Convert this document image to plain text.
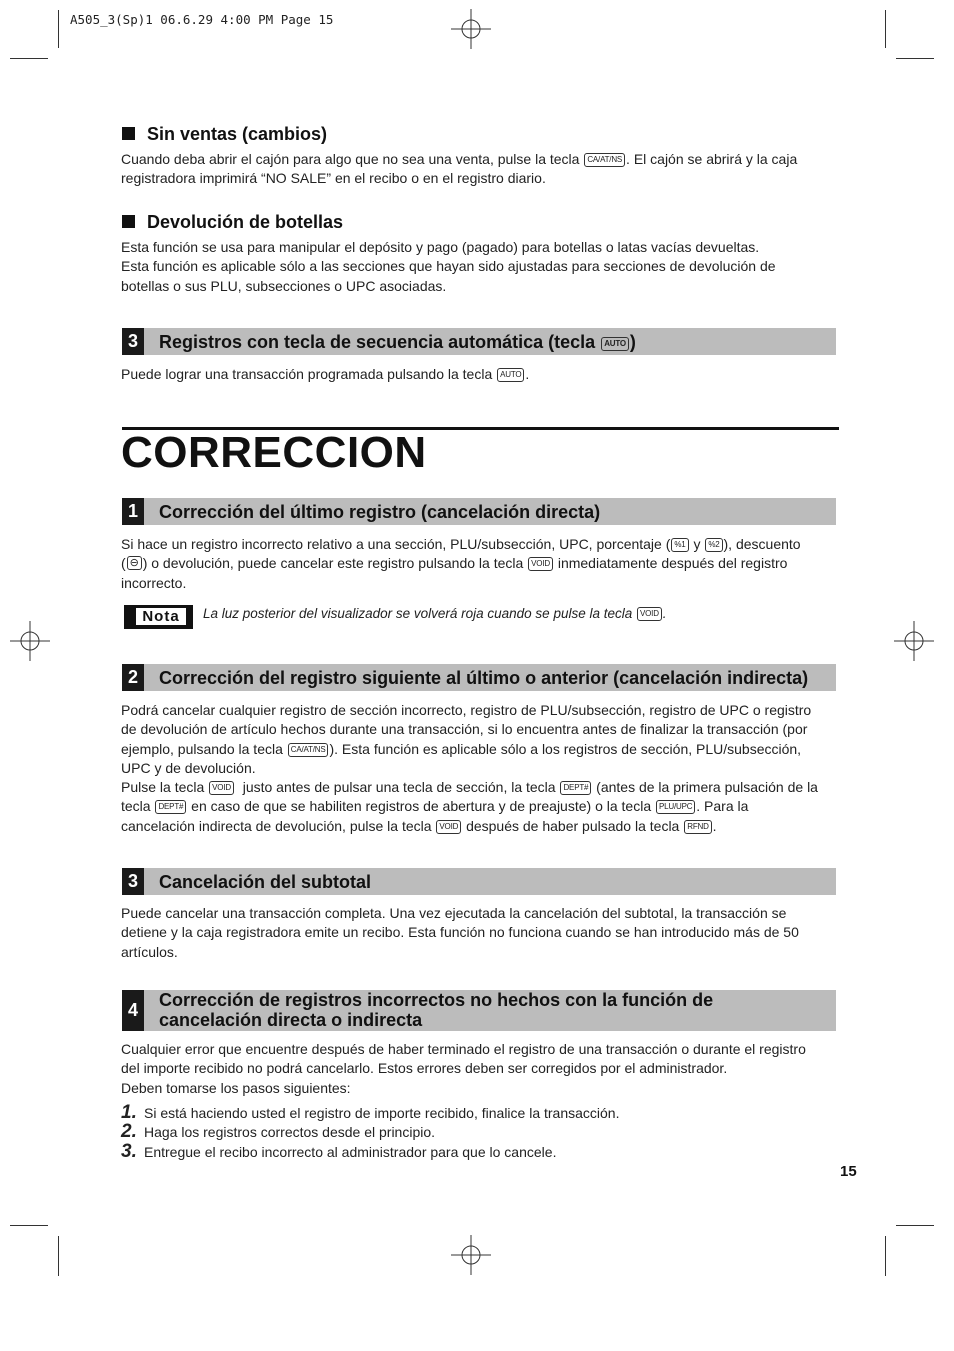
A505_3(Sp)1 06.6.29 4:00 PM Page 15
Sin ventas (cambios)
Cuando deba abrir el cajón para algo que no sea una venta, pulse la tecla CA/AT/NS . El cajón se abrirá y la caja
registradora imprimirá “NO SALE” en el recibo o en el registro diario.
Devolución de botellas
Esta función se usa para manipular el depósito y pago (pagado) para botellas o latas vacías devueltas.
Esta función es aplicable sólo a las secciones que hayan sido ajustadas para secciones de devolución de
botellas o sus PLU, subsecciones o UPC asociadas.
3	Registros con tecla de secuencia automática (tecla AUTO )
Puede lograr una transacción programada pulsando la tecla AUTO .
CORRECCION
1	Corrección del último registro (cancelación directa)
Si hace un registro incorrecto relativo a una sección, PLU/subsección, UPC, porcentaje ( %1 y %2 ), descuento
( ⊖ ) o devolución, puede cancelar este registro pulsando la tecla VOID inmediatamente después del registro
incorrecto.
Nota	La luz posterior del visualizador se volverá roja cuando se pulse la tecla VOID .
2	Corrección del registro siguiente al último o anterior (cancelación indirecta)
Podrá cancelar cualquier registro de sección incorrecto, registro de PLU/subsección, registro de UPC o registro
de devolución de artículo hechos durante una transacción, si lo encuentra antes de finalizar la transacción (por
ejemplo, pulsando la tecla CA/AT/NS ). Esta función es aplicable sólo a los registros de sección, PLU/subsección,
UPC y de devolución.
Pulse la tecla VOID justo antes de pulsar una tecla de sección, la tecla DEPT# (antes de la primera pulsación de la
tecla DEPT# en caso de que se habiliten registros de abertura y de preajuste) o la tecla PLU/UPC . Para la
cancelación indirecta de devolución, pulse la tecla VOID después de haber pulsado la tecla RFND .
3	Cancelación del subtotal
Puede cancelar una transacción completa. Una vez ejecutada la cancelación del subtotal, la transacción se
detiene y la caja registradora emite un recibo. Esta función no funciona cuando se han introducido más de 50
artículos.
4	Corrección de registros incorrectos no hechos con la función de
cancelación directa o indirecta
Cualquier error que encuentre después de haber terminado el registro de una transacción o durante el registro
del importe recibido no podrá cancelarlo. Estos errores deben ser corregidos por el administrador.
Deben tomarse los pasos siguientes:
1. Si está haciendo usted el registro de importe recibido, finalice la transacción.
2. Haga los registros correctos desde el principio.
3. Entregue el recibo incorrecto al administrador para que lo cancele.
15
